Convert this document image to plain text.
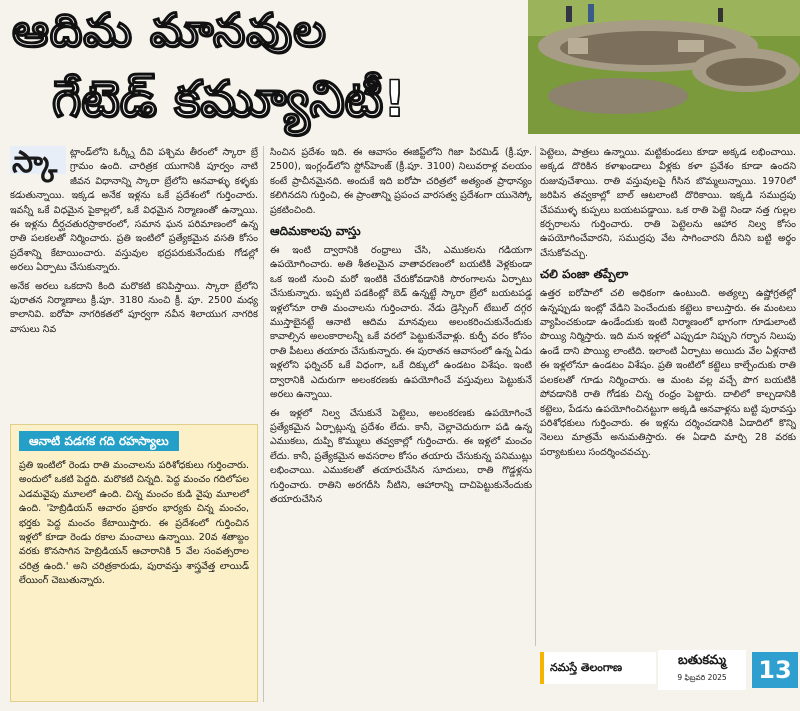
ఆదిమ మానవుల
గేటెడ్ కమ్యూనిటీ!
స్కా	ట్లాండ్‌లోని ఓర్క్నీ దీవి పశ్చిమ తీరంలో స్కారా బ్రే గ్రామం ఉంది. చారిత్రక యుగానికి పూర్వం నాటి జీవన విధానాన్ని స్కారా బ్రేలోని ఆనవాళ్ళు కళ్ళకు కడుతున్నాయి. ఇక్కడ అనేక ఇళ్లను ఒకే ప్రదేశంలో గుర్తించారు. ఇవన్నీ ఒకే విధమైన పైకాల్లలో, ఒకే విధమైన నిర్మాణంతో ఉన్నాయి. ఈ ఇళ్లను దీర్ఘచతురస్రాకారంలో, సమాన ఘన పరిమాణంలో ఉన్న రాతి పలకలతో నిర్మించారు. ప్రతి ఇంటిలో ప్రత్యేకమైన వసతి కోసం ప్రదేశాన్ని కేటాయించారు. వస్తువుల భద్రపరుకునేందుకు గోడల్లో అరలు ఏర్పాటు చేసుకున్నారు.

అనేక అరలు ఒకదాని కింది మరొకటి కనిపిస్తాయి. స్కారా బ్రేలోని పురాతన నిర్మాణాలు క్రీ.పూ. 3180 నుంచి క్రీ. పూ. 2500 మధ్య కాలానివి. ఐరోపా నాగరికతలో పూర్వగా నవీన శిలాయుగ నాగరిక వాసులు నివ

ఆనాటి పడగక గది రహస్యాలు
ప్రతి ఇంటిలో రెండు రాతి మంచాలను పరిశోధకులు గుర్తించారు. అందులో ఒకటి పెద్దది. మరొకటి చిన్నది. పెద్ద మంచం గదిలోపల ఎడమవైపు మూలలో ఉంది. చిన్న మంచం కుడి వైపు మూలలో ఉంది. 'హెబ్రిడియన్ ఆచారం ప్రకారం భార్యకు చిన్న మంచం, భర్తకు పెద్ద మంచం కేటాయిస్తారు. ఈ ప్రదేశంలో గుర్తించిన ఇళ్లలో కూడా రెండు రకాల మంచాలు ఉన్నాయి. 20వ శతాబ్దం వరకు కొనసాగిన హెబ్రిడియన్ ఆచారానికి 5 వేల సంవత్సరాల చరిత్ర ఉంది.' అని చరిత్రకారుడు, పురావస్తు శాస్త్రవేత్త లాయిడ్ లేయింగ్ చెబుతున్నారు.

సించిన ప్రదేశం ఇది. ఈ ఆవాసం ఈజిప్ట్‌లోని గిజా పిరమిడ్ (క్రీ.పూ. 2500), ఇంగ్లండ్‌లోని స్టోన్‌హెంజ్ (క్రీ.పూ. 3100) నిలువరాళ్ల వలయం కంటే ప్రాచీనమైనది. అందుకే ఇది ఐరోపా చరిత్రలో అత్యంత ప్రాధాన్యం కలిగినదని గుర్తించి, ఈ ప్రాంతాన్ని ప్రపంచ వారసత్వ ప్రదేశంగా యునెస్కో ప్రకటించింది.

ఆదిమకాలపు వాస్తు

ఈ ఇంటి ద్వారానికి రంధ్రాలు చేసి, ఎముకలను గడియగా ఉపయోగించారు. అతి శీతలమైన వాతావరణంలో బయటికి వెళ్లకుండా ఒక ఇంటి నుంచి మరో ఇంటికి చేరుకోవడానికి సొరంగాలను ఏర్పాటు చేసుకున్నారు. ఇప్పటి పడకింట్లో బెడ్ ఉన్నట్టే స్కారా బ్రేలో బయటపడ్డ ఇళ్లలోనూ రాతి మంచాలను గుర్తించారు. నేడు డ్రెస్సింగ్ టేబుల్ దగ్గర ముస్తాబైనట్టే ఆనాటి ఆదిమ మానవులు అలంకరించుకునేందుకు కావాల్సిన అలంకారాలన్నీ ఒకే వరలో పెట్టుకునేవాళ్లు. కుర్చీ వరం కోసం రాతి పీటలు తయారు చేసుకున్నారు. ఈ పురాతన ఆవాసంలో ఉన్న ఏడు ఇళ్లలోని ఫర్నిచర్ ఒకే విధంగా, ఒకే దిక్కులో ఉండటం విశేషం. ఇంటి ద్వారానికి ఎదురుగా అలంకరణకు ఉపయోగించే వస్తువులు పెట్టుకునే అరలు ఉన్నాయి.

ఈ ఇళ్లలో నిల్వ చేసుకునే పెట్టెలు, అలంకరణకు ఉపయోగించే ప్రత్యేకమైన ఏర్పాట్లున్న ప్రదేశం లేదు. కానీ, చెల్లాచెదురుగా పడి ఉన్న ఎముకలు, దుప్పి కొమ్ములు తవ్వకాల్లో గుర్తించారు. ఈ ఇళ్లలో మంచం లేదు. కానీ, ప్రత్యేకమైన అవసరాల కోసం తయారు చేసుకున్న పనిముట్లు లభించాయి. ఎముకలతో తయారుచేసిన సూదులు, రాతి గొడ్డళ్లను గుర్తించారు. రాతిని అరగదీసి నీటిని, ఆహారాన్ని దాచిపెట్టుకునేందుకు తయారుచేసిన

పెట్టెలు, పాత్రలు ఉన్నాయి. మట్టికుండలు కూడా అక్కడ లభించాయి. అక్కడ దొరికిన కళాఖండాలు వీళ్లకు కళా ప్రవేశం కూడా ఉందని రుజువుచేశాయి. రాతి వస్తువులపై గీసిన బొమ్మలున్నాయి. 1970లో జరిపిన తవ్వకాల్లో బాల్ ఆటలాంటి దొరికాయి. ఇక్కడి సముద్రపు చేపముళ్ళ కుప్పలు బయటపడ్డాయి. ఒక రాతి పెట్టె నిండా నత్త గుల్లల కర్పరాలను గుర్తించారు. రాతి పెట్టెలను ఆహార నిల్వ కోసం ఉపయోగించేవారని, సముద్రపు వేట సాగించారని దీనిని బట్టి అర్థం చేసుకోవచ్చు.

చలి పంజా తప్పేలా

ఉత్తర ఐరోపాలో చలి అధికంగా ఉంటుంది. అత్యల్ప ఉష్ణోగ్రతల్లో ఉన్నప్పుడు ఇంట్లో వేడిని పెంచేందుకు కట్టెలు కాలుస్తారు. ఈ మంటలు వ్యాపించకుండా ఉండేందుకు ఇంటి నిర్మాణంలో భాగంగా గూడులాంటి పొయ్యి నిర్మిస్తారు. ఇది మన ఇళ్లలో ఎప్పుడూ నిప్పుని గర్భాన నిలుపు ఉండే దాని పొయ్యి లాంటిది. ఇలాంటి ఏర్పాటు అయిదు వేల ఏళ్లనాటి ఈ ఇళ్లలోనూ ఉండటం విశేషం. ప్రతి ఇంటిలో కట్టెలు కాల్చేందుకు రాతి పలకలతో గూడు నిర్మించారు. ఆ మంట వల్ల వచ్చే పొగ బయటికి పోవడానికి రాతి గోడకు చిన్న రంధ్రం పెట్టారు. దాలిలో కాల్చడానికి కట్టెలు, పేడను ఉపయోగించినట్టుగా అక్కడి ఆనవాళ్లను బట్టి పురావస్తు పరిశోధకులు గుర్తించారు. ఈ ఇళ్లను దర్శించడానికి ఏడాదిలో కొన్ని నెలలు మాత్రమే అనుమతిస్తారు. ఈ ఏడాది మార్చి 28 వరకు పర్యాటకులు సందర్శించవచ్చు.

నమస్తే తెలంగాణ	బతుకమ్మ
9 ఫిబ్రవరి 2025	13
